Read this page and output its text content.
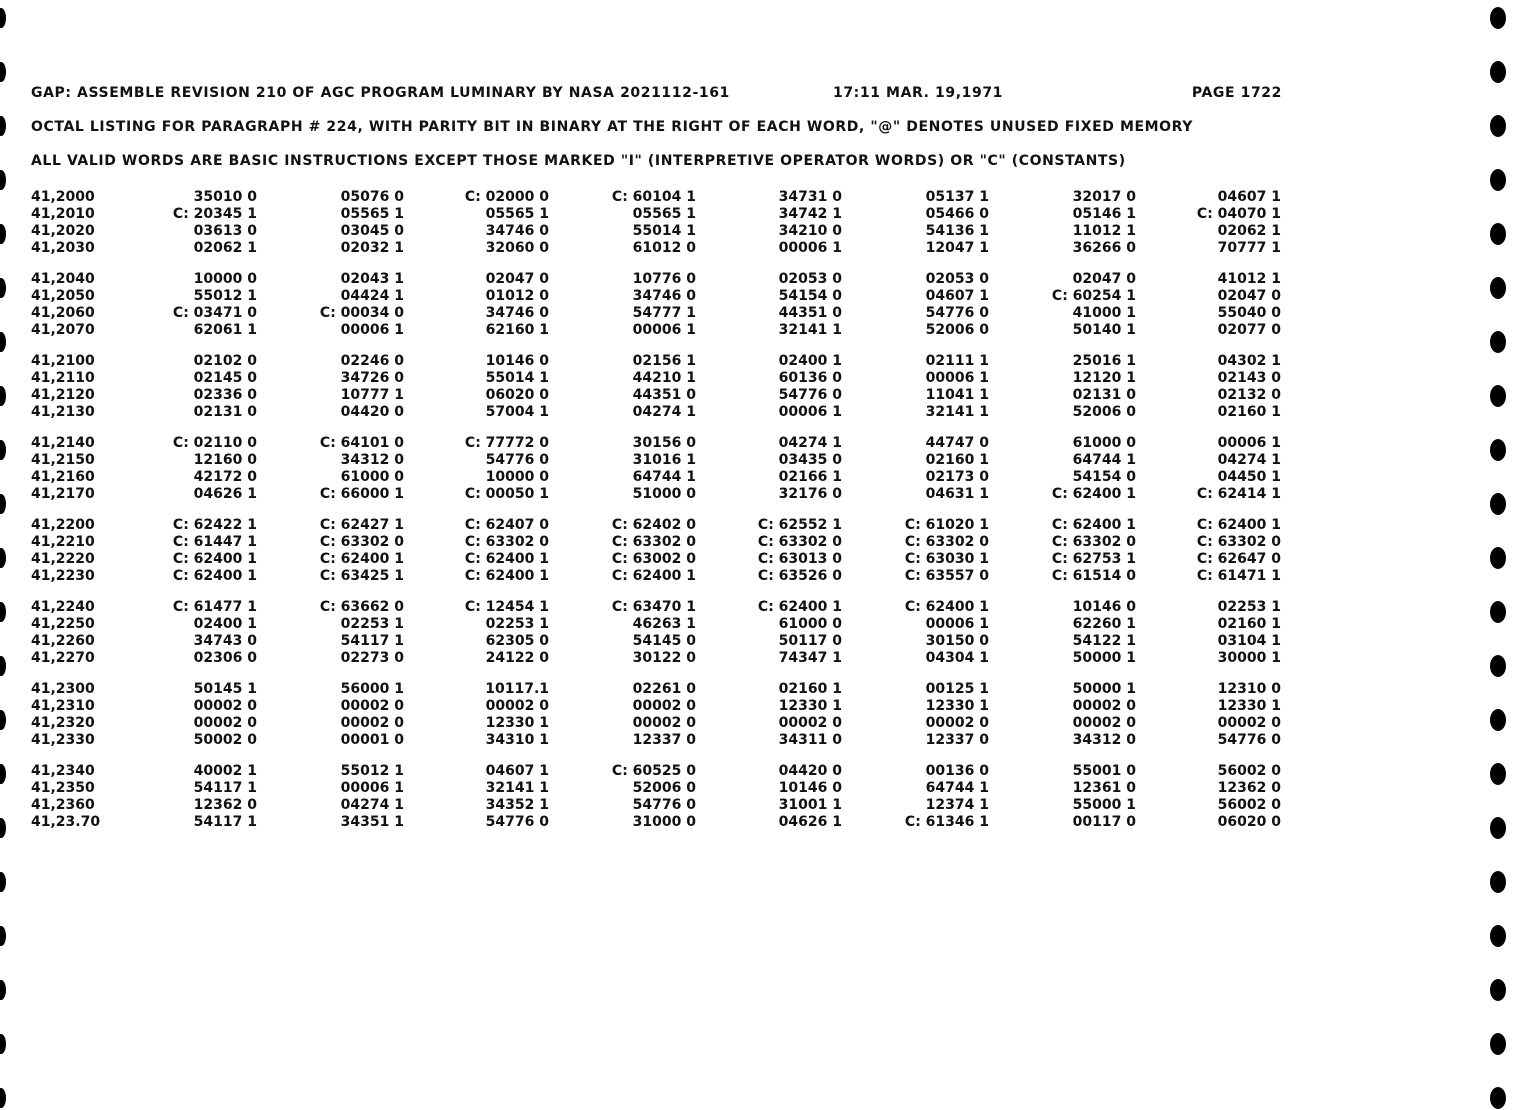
GAP: ASSEMBLE REVISION 210 OF AGC PROGRAM LUMINARY BY NASA 2021112-161	17:11 MAR. 19,1971	PAGE 1722
OCTAL LISTING FOR PARAGRAPH # 224, WITH PARITY BIT IN BINARY AT THE RIGHT OF EACH WORD, "@" DENOTES UNUSED FIXED MEMORY
ALL VALID WORDS ARE BASIC INSTRUCTIONS EXCEPT THOSE MARKED "I" (INTERPRETIVE OPERATOR WORDS) OR "C" (CONSTANTS)
41,2000	35010 0	05076 0	C: 02000 0	C: 60104 1	34731 0	05137 1	32017 0	04607 1
41,2010	C: 20345 1	05565 1	05565 1	05565 1	34742 1	05466 0	05146 1	C: 04070 1
41,2020	03613 0	03045 0	34746 0	55014 1	34210 0	54136 1	11012 1	02062 1
41,2030	02062 1	02032 1	32060 0	61012 0	00006 1	12047 1	36266 0	70777 1
41,2040	10000 0	02043 1	02047 0	10776 0	02053 0	02053 0	02047 0	41012 1
41,2050	55012 1	04424 1	01012 0	34746 0	54154 0	04607 1	C: 60254 1	02047 0
41,2060	C: 03471 0	C: 00034 0	34746 0	54777 1	44351 0	54776 0	41000 1	55040 0
41,2070	62061 1	00006 1	62160 1	00006 1	32141 1	52006 0	50140 1	02077 0
41,2100	02102 0	02246 0	10146 0	02156 1	02400 1	02111 1	25016 1	04302 1
41,2110	02145 0	34726 0	55014 1	44210 1	60136 0	00006 1	12120 1	02143 0
41,2120	02336 0	10777 1	06020 0	44351 0	54776 0	11041 1	02131 0	02132 0
41,2130	02131 0	04420 0	57004 1	04274 1	00006 1	32141 1	52006 0	02160 1
41,2140	C: 02110 0	C: 64101 0	C: 77772 0	30156 0	04274 1	44747 0	61000 0	00006 1
41,2150	12160 0	34312 0	54776 0	31016 1	03435 0	02160 1	64744 1	04274 1
41,2160	42172 0	61000 0	10000 0	64744 1	02166 1	02173 0	54154 0	04450 1
41,2170	04626 1	C: 66000 1	C: 00050 1	51000 0	32176 0	04631 1	C: 62400 1	C: 62414 1
41,2200	C: 62422 1	C: 62427 1	C: 62407 0	C: 62402 0	C: 62552 1	C: 61020 1	C: 62400 1	C: 62400 1
41,2210	C: 61447 1	C: 63302 0	C: 63302 0	C: 63302 0	C: 63302 0	C: 63302 0	C: 63302 0	C: 63302 0
41,2220	C: 62400 1	C: 62400 1	C: 62400 1	C: 63002 0	C: 63013 0	C: 63030 1	C: 62753 1	C: 62647 0
41,2230	C: 62400 1	C: 63425 1	C: 62400 1	C: 62400 1	C: 63526 0	C: 63557 0	C: 61514 0	C: 61471 1
41,2240	C: 61477 1	C: 63662 0	C: 12454 1	C: 63470 1	C: 62400 1	C: 62400 1	10146 0	02253 1
41,2250	02400 1	02253 1	02253 1	46263 1	61000 0	00006 1	62260 1	02160 1
41,2260	34743 0	54117 1	62305 0	54145 0	50117 0	30150 0	54122 1	03104 1
41,2270	02306 0	02273 0	24122 0	30122 0	74347 1	04304 1	50000 1	30000 1
41,2300	50145 1	56000 1	10117.1	02261 0	02160 1	00125 1	50000 1	12310 0
41,2310	00002 0	00002 0	00002 0	00002 0	12330 1	12330 1	00002 0	12330 1
41,2320	00002 0	00002 0	12330 1	00002 0	00002 0	00002 0	00002 0	00002 0
41,2330	50002 0	00001 0	34310 1	12337 0	34311 0	12337 0	34312 0	54776 0
41,2340	40002 1	55012 1	04607 1	C: 60525 0	04420 0	00136 0	55001 0	56002 0
41,2350	54117 1	00006 1	32141 1	52006 0	10146 0	64744 1	12361 0	12362 0
41,2360	12362 0	04274 1	34352 1	54776 0	31001 1	12374 1	55000 1	56002 0
41,23.70	54117 1	34351 1	54776 0	31000 0	04626 1	C: 61346 1	00117 0	06020 0
